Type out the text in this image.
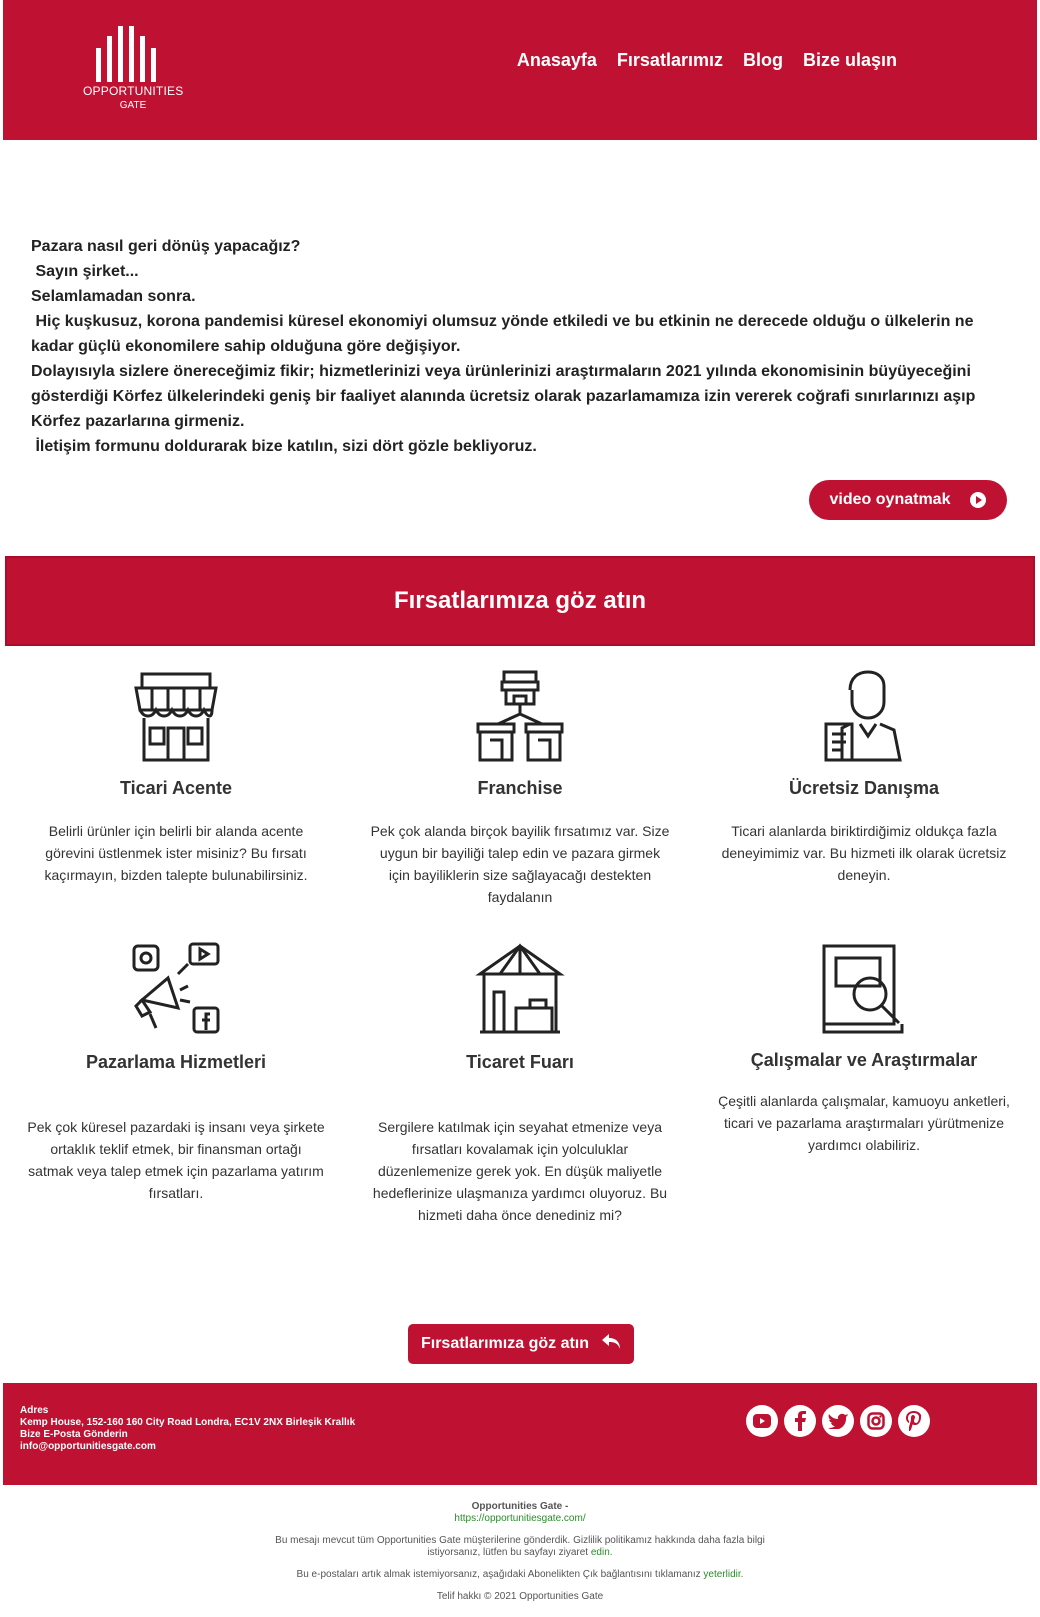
OPPORTUNITIES
GATE
Anasayfa Fırsatlarımız Blog Bize ulaşın

Pazara nasıl geri dönüş yapacağız?

Sayın şirket...

Selamlamadan sonra.

Hiç kuşkusuz, korona pandemisi küresel ekonomiyi olumsuz yönde etkiledi ve bu etkinin ne derecede olduğu o ülkelerin ne kadar güçlü ekonomilere sahip olduğuna göre değişiyor.

Dolayısıyla sizlere önereceğimiz fikir; hizmetlerinizi veya ürünlerinizi araştırmaların 2021 yılında ekonomisinin büyüyeceğini gösterdiği Körfez ülkelerindeki geniş bir faaliyet alanında ücretsiz olarak pazarlamamıza izin vererek coğrafi sınırlarınızı aşıp Körfez pazarlarına girmeniz.

İletişim formunu doldurarak bize katılın, sizi dört gözle bekliyoruz.

video oynatmak
Fırsatlarımıza göz atın
Ticari Acente
Belirli ürünler için belirli bir alanda acente görevini üstlenmek ister misiniz? Bu fırsatı kaçırmayın, bizden talepte bulunabilirsiniz.
Franchise
Pek çok alanda birçok bayilik fırsatımız var. Size uygun bir bayiliği talep edin ve pazara girmek için bayiliklerin size sağlayacağı destekten faydalanın
Ücretsiz Danışma
Ticari alanlarda biriktirdiğimiz oldukça fazla deneyimimiz var. Bu hizmeti ilk olarak ücretsiz deneyin.
Pazarlama Hizmetleri
Pek çok küresel pazardaki iş insanı veya şirkete ortaklık teklif etmek, bir finansman ortağı satmak veya talep etmek için pazarlama yatırım fırsatları.
Ticaret Fuarı
Sergilere katılmak için seyahat etmenize veya fırsatları kovalamak için yolculuklar düzenlemenize gerek yok. En düşük maliyetle hedeflerinize ulaşmanıza yardımcı oluyoruz. Bu hizmeti daha önce denediniz mi?
Çalışmalar ve Araştırmalar
Çeşitli alanlarda çalışmalar, kamuoyu anketleri, ticari ve pazarlama araştırmaları yürütmenize yardımcı olabiliriz.
Fırsatlarımıza göz atın
Adres
Kemp House, 152-160 160 City Road Londra, EC1V 2NX Birleşik Krallık
Bize E-Posta Gönderin
info@opportunitiesgate.com
Opportunities Gate -
https://opportunitiesgate.com/
Bu mesajı mevcut tüm Opportunities Gate müşterilerine gönderdik. Gizlilik politikamız hakkında daha fazla bilgi
istiyorsanız, lütfen bu sayfayı ziyaret edin.
Bu e-postaları artık almak istemiyorsanız, aşağıdaki Abonelikten Çık bağlantısını tıklamanız yeterlidir.
Telif hakkı © 2021 Opportunities Gate
